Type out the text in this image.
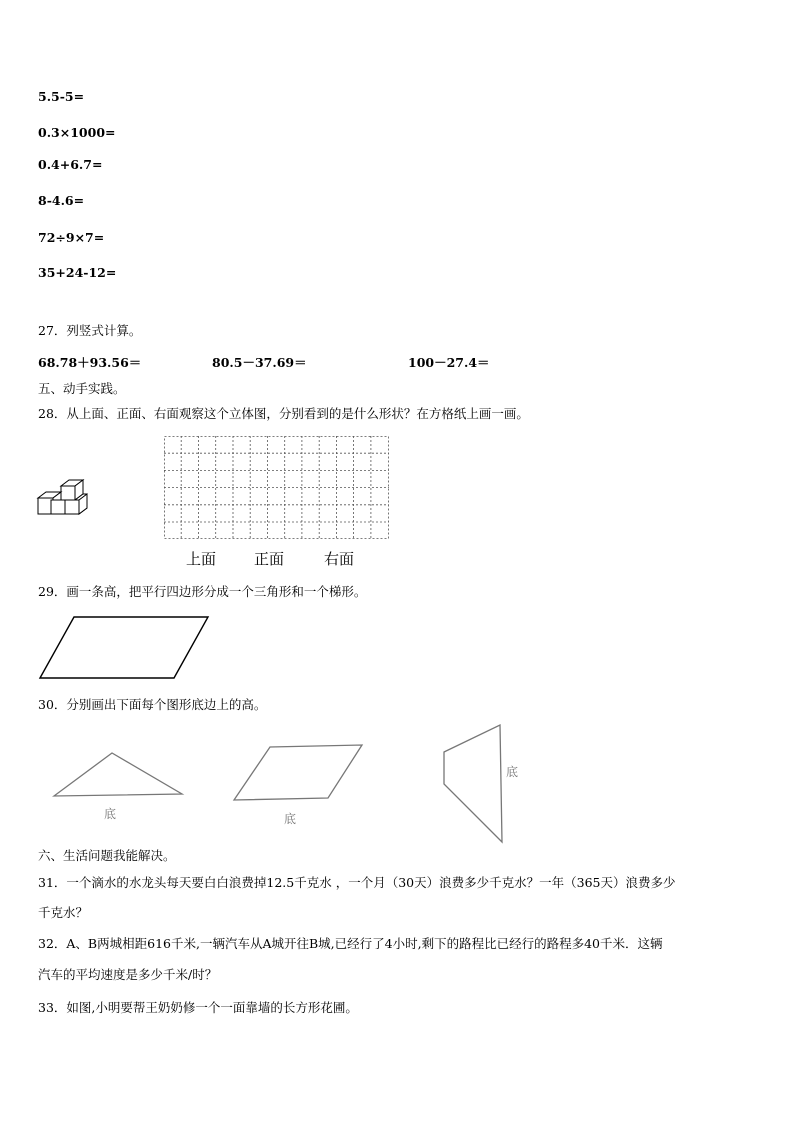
5.5-5=
0.3×1000=
0.4+6.7=
8-4.6=
72÷9×7=
35+24-12=
27．列竖式计算。
68.78＋93.56＝	80.5－37.69＝	100－27.4＝
五、动手实践。
28．从上面、正面、右面观察这个立体图，分别看到的是什么形状？在方格纸上画一画。
上面	正面	右面
29．画一条高，把平行四边形分成一个三角形和一个梯形。
30．分别画出下面每个图形底边上的高。
底	底
底
六、生活问题我能解决。
31．一个滴水的水龙头每天要白白浪费掉12.5千克水 ，一个月（30天）浪费多少千克水？一年（365天）浪费多少
千克水？
32．A、B两城相距616千米,一辆汽车从A城开往B城,已经行了4小时,剩下的路程比已经行的路程多40千米．这辆
汽车的平均速度是多少千米/时？
33．如图,小明要帮王奶奶修一个一面靠墙的长方形花圃。
